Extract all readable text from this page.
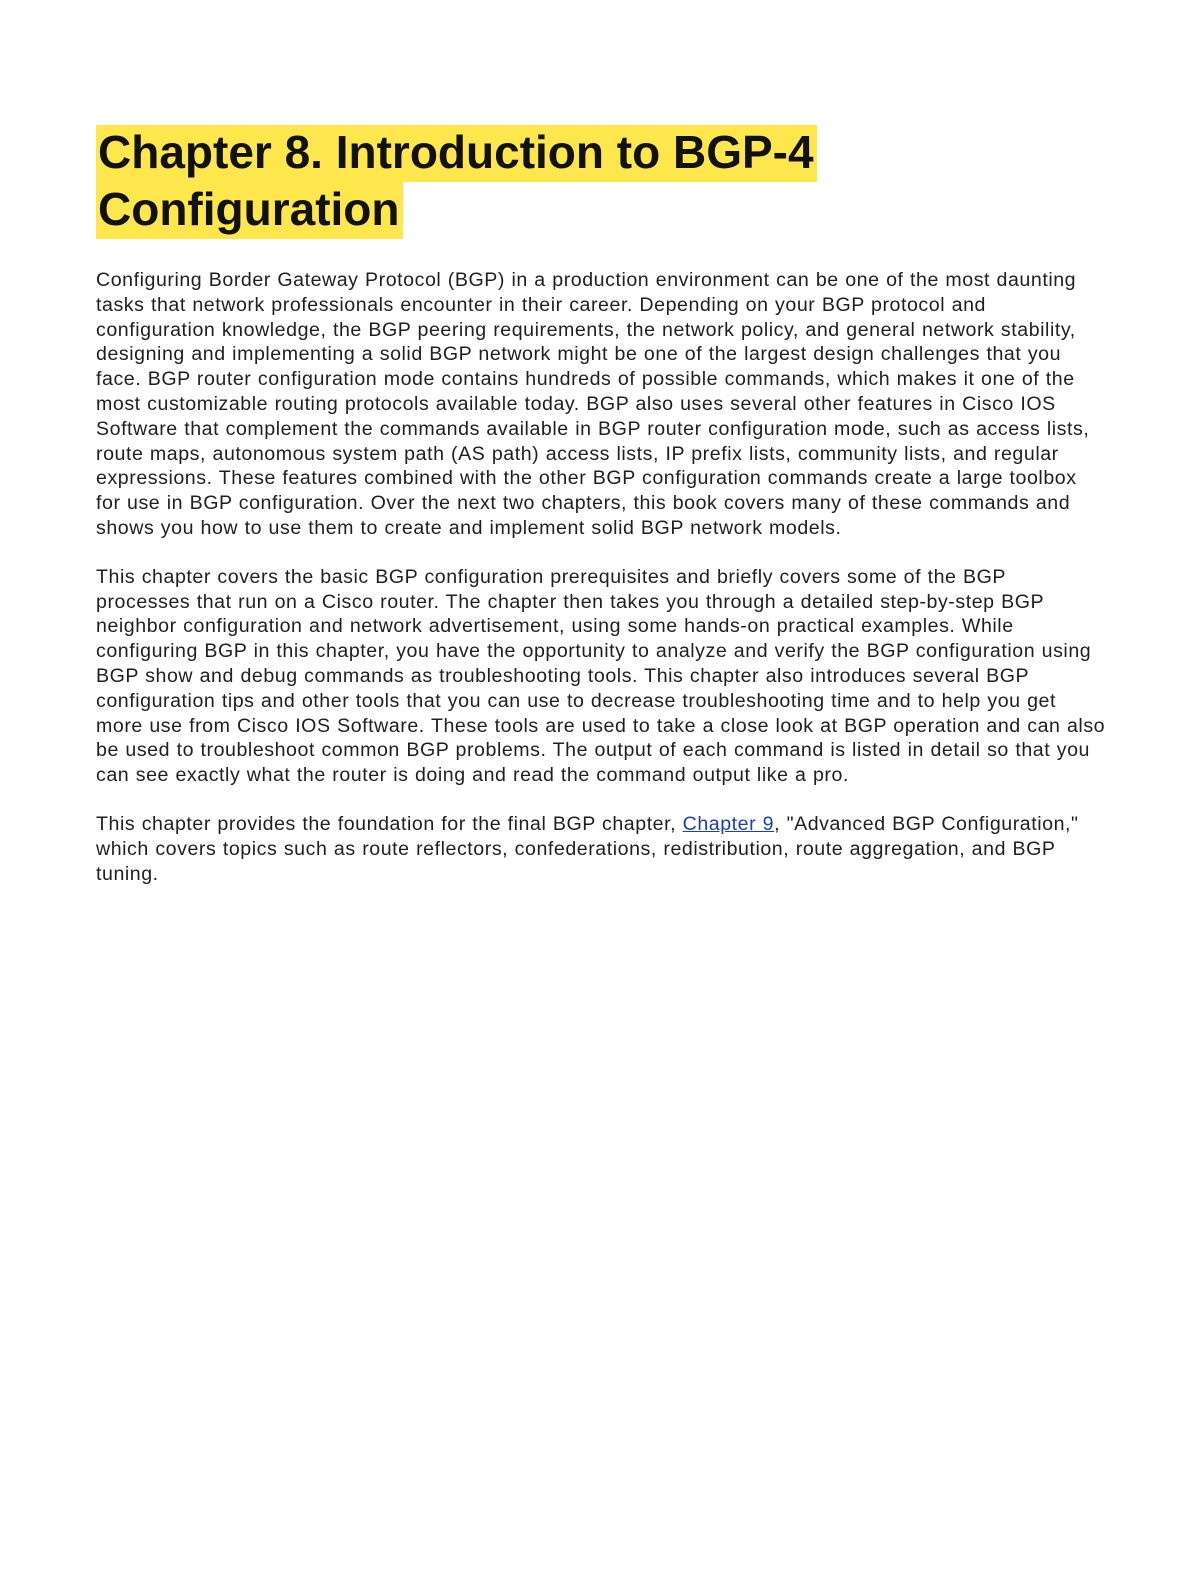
Chapter 8. Introduction to BGP-4
Configuration

Configuring Border Gateway Protocol (BGP) in a production environment can be one of the most daunting tasks that network professionals encounter in their career. Depending on your BGP protocol and configuration knowledge, the BGP peering requirements, the network policy, and general network stability, designing and implementing a solid BGP network might be one of the largest design challenges that you face. BGP router configuration mode contains hundreds of possible commands, which makes it one of the most customizable routing protocols available today. BGP also uses several other features in Cisco IOS Software that complement the commands available in BGP router configuration mode, such as access lists, route maps, autonomous system path (AS path) access lists, IP prefix lists, community lists, and regular expressions. These features combined with the other BGP configuration commands create a large toolbox for use in BGP configuration. Over the next two chapters, this book covers many of these commands and shows you how to use them to create and implement solid BGP network models.

This chapter covers the basic BGP configuration prerequisites and briefly covers some of the BGP processes that run on a Cisco router. The chapter then takes you through a detailed step-by-step BGP neighbor configuration and network advertisement, using some hands-on practical examples. While configuring BGP in this chapter, you have the opportunity to analyze and verify the BGP configuration using BGP show and debug commands as troubleshooting tools. This chapter also introduces several BGP configuration tips and other tools that you can use to decrease troubleshooting time and to help you get more use from Cisco IOS Software. These tools are used to take a close look at BGP operation and can also be used to troubleshoot common BGP problems. The output of each command is listed in detail so that you can see exactly what the router is doing and read the command output like a pro.

This chapter provides the foundation for the final BGP chapter, Chapter 9, "Advanced BGP Configuration," which covers topics such as route reflectors, confederations, redistribution, route aggregation, and BGP tuning.
